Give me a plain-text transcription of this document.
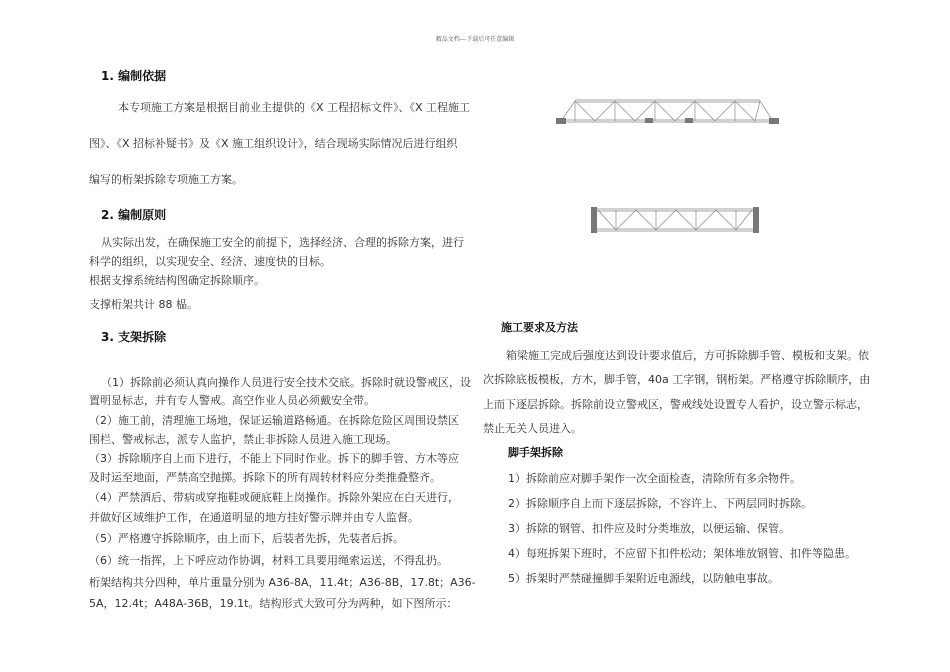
精品文档---下载后可任意编辑
1. 编制依据
本专项施工方案是根据目前业主提供的《X 工程招标文件》、《X 工程施工
图》、《X 招标补疑书》及《X 施工组织设计》，结合现场实际情况后进行组织
编写的桁架拆除专项施工方案。
2. 编制原则
从实际出发，在确保施工安全的前提下，选择经济、合理的拆除方案，进行
科学的组织，以实现安全、经济、速度快的目标。
根据支撑系统结构图确定拆除顺序。
支撑桁架共计 88 榀。
3. 支架拆除
（1）拆除前必须认真向操作人员进行安全技术交底。拆除时就设警戒区，设
置明显标志，并有专人警戒。高空作业人员必须戴安全带。
（2）施工前，清理施工场地，保证运输道路畅通。在拆除危险区周围设禁区
围栏、警戒标志，派专人监护，禁止非拆除人员进入施工现场。
（3）拆除顺序自上而下进行，不能上下同时作业。拆下的脚手管、方木等应
及时运至地面，严禁高空抛掷。拆除下的所有周转材料应分类推叠整齐。
（4）严禁酒后、带病或穿拖鞋或硬底鞋上岗操作。拆除外架应在白天进行，
并做好区域维护工作，在通道明显的地方挂好警示牌并由专人监督。
（5）严格遵守拆除顺序，由上而下，后装者先拆，先装者后拆。
（6）统一指挥，上下呼应动作协调，材料工具要用绳索运送，不得乱扔。
桁架结构共分四种，单片重量分别为 A36-8A，11.4t；A36-8B，17.8t；A36-
5A，12.4t；A48A-36B，19.1t。结构形式大致可分为两种，如下图所示：
施工要求及方法
箱梁施工完成后强度达到设计要求值后，方可拆除脚手管、模板和支架。依
次拆除底板模板，方木，脚手管，40a 工字钢，钢桁架。严格遵守拆除顺序，由
上而下逐层拆除。拆除前设立警戒区，警戒线处设置专人看护，设立警示标志，
禁止无关人员进入。
脚手架拆除
1）拆除前应对脚手架作一次全面检查，清除所有多余物件。
2）拆除顺序自上而下逐层拆除，不容许上、下两层同时拆除。
3）拆除的钢管、扣件应及时分类堆放，以便运输、保管。
4）每班拆架下班时，不应留下扣件松动；架体堆放钢管、扣件等隐患。
5）拆架时严禁碰撞脚手架附近电源线，以防触电事故。
